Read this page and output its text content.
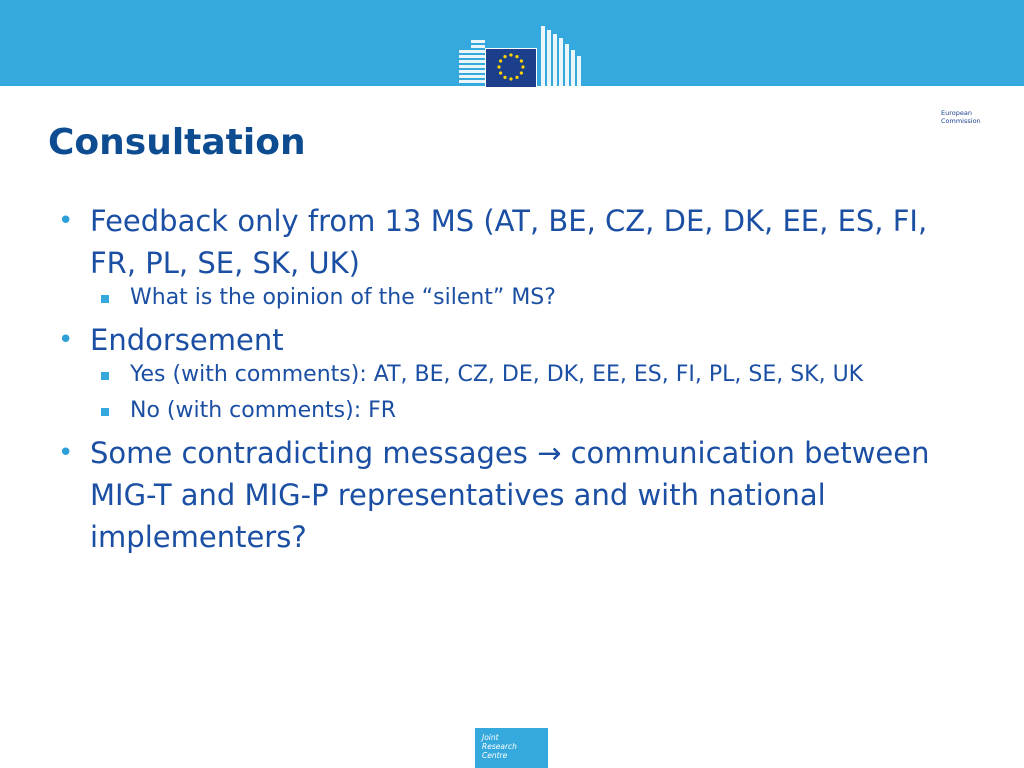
European
Commission
Consultation
• Feedback only from 13 MS (AT, BE, CZ, DE, DK, EE, ES, FI, FR, PL, SE, SK, UK)
What is the opinion of the “silent” MS?
• Endorsement
Yes (with comments): AT, BE, CZ, DE, DK, EE, ES, FI, PL, SE, SK, UK
No (with comments): FR
• Some contradicting messages → communication between MIG-T and MIG-P representatives and with national implementers?
Joint
Research
Centre
